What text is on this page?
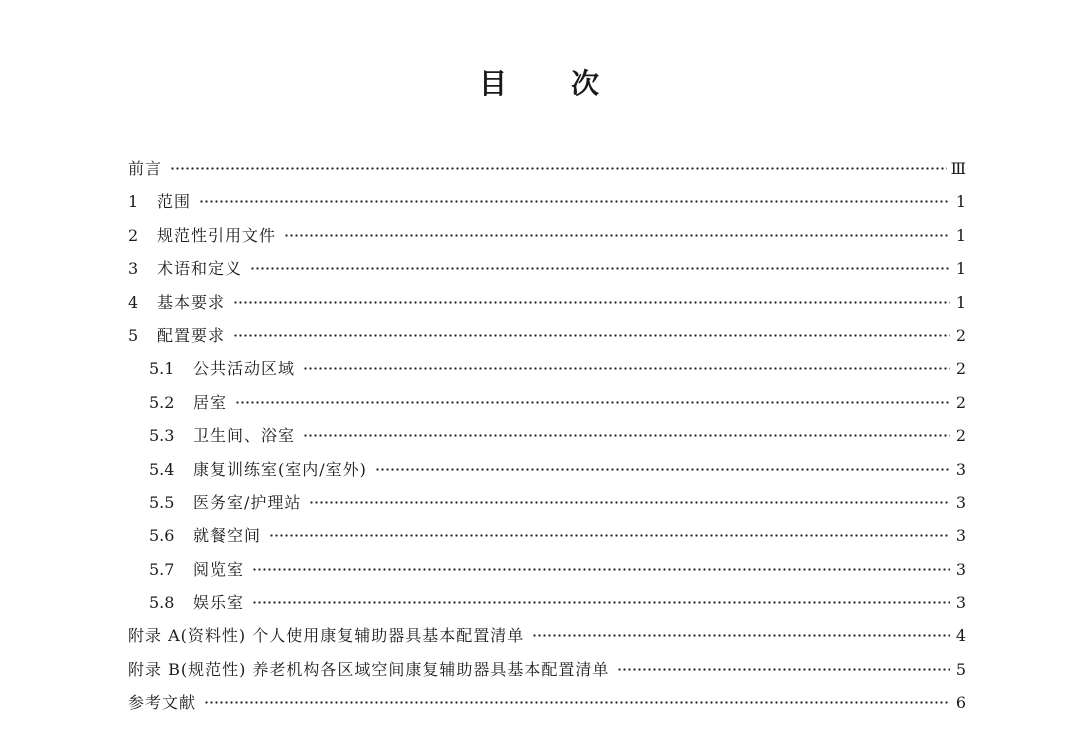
目 次
前言	Ⅲ
1	范围	1
2	规范性引用文件	1
3	术语和定义	1
4	基本要求	1
5	配置要求	2
5.1	公共活动区域	2
5.2	居室	2
5.3	卫生间、浴室	2
5.4	康复训练室(室内/室外)	3
5.5	医务室/护理站	3
5.6	就餐空间	3
5.7	阅览室	3
5.8	娱乐室	3
附录 A(资料性) 个人使用康复辅助器具基本配置清单	4
附录 B(规范性) 养老机构各区域空间康复辅助器具基本配置清单	5
参考文献	6
